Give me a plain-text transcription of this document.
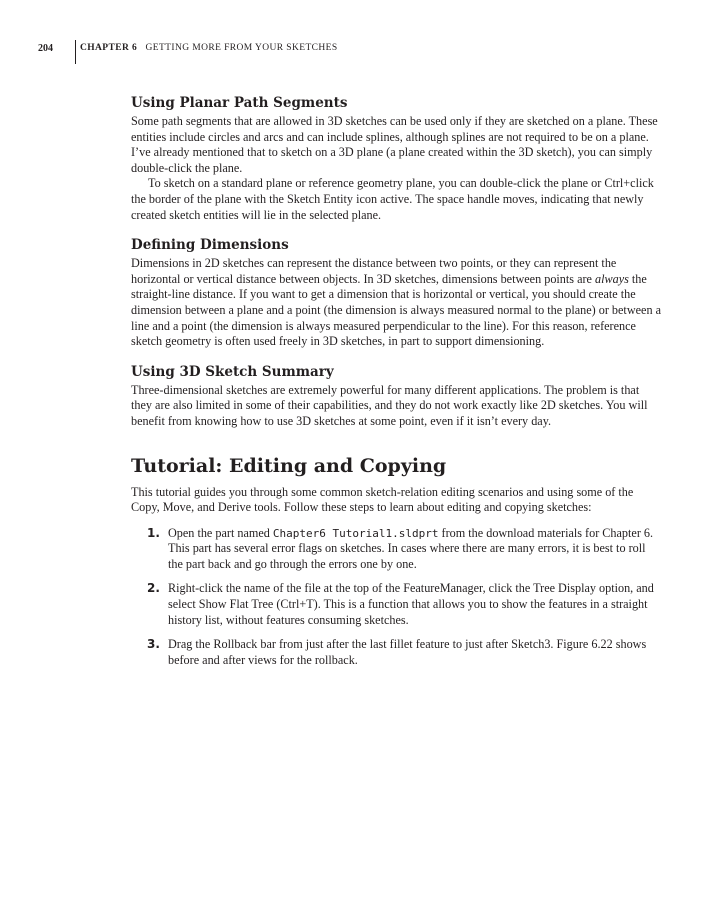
204	CHAPTER 6 GETTING MORE FROM YOUR SKETCHES
Using Planar Path Segments

Some path segments that are allowed in 3D sketches can be used only if they are sketched on a plane. These entities include circles and arcs and can include splines, although splines are not required to be on a plane. I’ve already mentioned that to sketch on a 3D plane (a plane created within the 3D sketch), you can simply double-click the plane.

To sketch on a standard plane or reference geometry plane, you can double-click the plane or Ctrl+click the border of the plane with the Sketch Entity icon active. The space handle moves, indicating that newly created sketch entities will lie in the selected plane.

Defining Dimensions

Dimensions in 2D sketches can represent the distance between two points, or they can represent the horizontal or vertical distance between objects. In 3D sketches, dimensions between points are always the straight-line distance. If you want to get a dimension that is horizontal or vertical, you should create the dimension between a plane and a point (the dimension is always measured normal to the plane) or between a line and a point (the dimension is always measured perpendicular to the line). For this reason, reference sketch geometry is often used freely in 3D sketches, in part to support dimensioning.

Using 3D Sketch Summary

Three-dimensional sketches are extremely powerful for many different applications. The problem is that they are also limited in some of their capabilities, and they do not work exactly like 2D sketches. You will benefit from knowing how to use 3D sketches at some point, even if it isn’t every day.

Tutorial: Editing and Copying

This tutorial guides you through some common sketch-relation editing scenarios and using some of the Copy, Move, and Derive tools. Follow these steps to learn about editing and copying sketches:

1. Open the part named Chapter6 Tutorial1.sldprt from the download materials for Chapter 6. This part has several error flags on sketches. In cases where there are many errors, it is best to roll the part back and go through the errors one by one.
2. Right-click the name of the file at the top of the FeatureManager, click the Tree Display option, and select Show Flat Tree (Ctrl+T). This is a function that allows you to show the features in a straight history list, without features consuming sketches.
3. Drag the Rollback bar from just after the last fillet feature to just after Sketch3. Figure 6.22 shows before and after views for the rollback.
